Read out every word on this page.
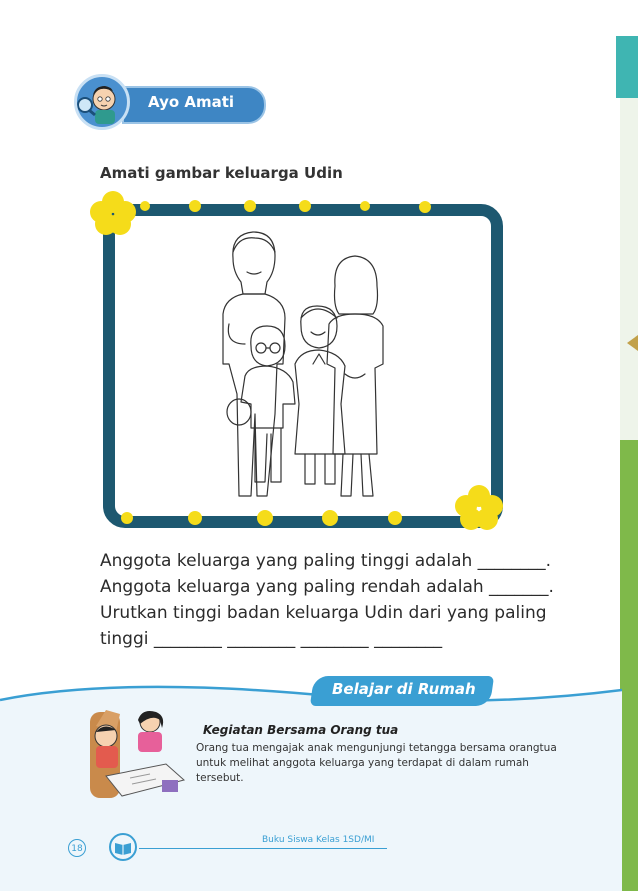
Ayo Amati
Amati gambar keluarga Udin
Anggota keluarga yang paling tinggi adalah ________.
Anggota keluarga yang paling rendah adalah _______.
Urutkan tinggi badan keluarga Udin dari yang paling
tinggi ________ ________ ________ ________
Belajar di Rumah
Kegiatan Bersama Orang tua
Orang tua mengajak anak mengunjungi tetangga bersama orangtua untuk melihat anggota keluarga yang terdapat di dalam rumah tersebut.
18
Buku Siswa Kelas 1SD/MI
